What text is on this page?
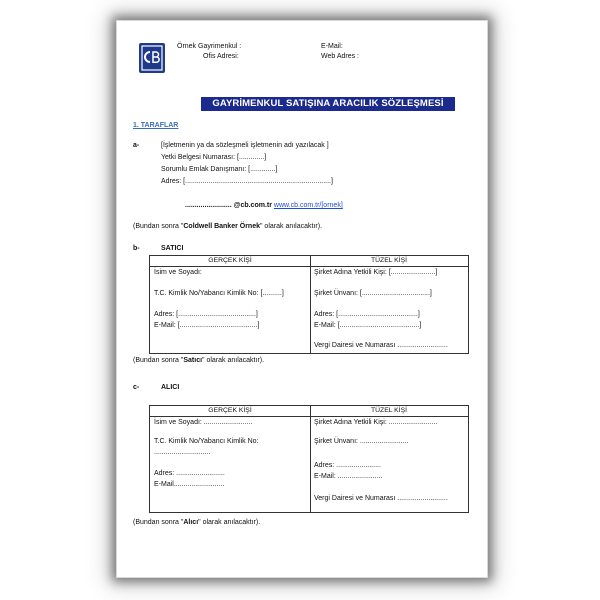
Örnek Gayrimenkul :
Ofis Adresi:
E-Mail:
Web Adres :
GAYRİMENKUL SATIŞINA ARACILIK SÖZLEŞMESİ
1. TARAFLAR
a-	[İşletmenin ya da sözleşmeli işletmenin adı yazılacak ]
Yetki Belgesi Numarası: [.............]
Sorumlu Emlak Danışmanı: [.............]
Adres: [...........................................................................]
........................ @cb.com.tr www.cb.com.tr/[ornek]
(Bundan sonra "Coldwell Banker Örnek" olarak anılacaktır).
b-	SATICI
GERÇEK KİŞİ	TÜZEL KİŞİ
İsim ve Soyadı:
T.C. Kimlik No/Yabancı Kimlik No: [..........]
Adres: [........................................]
E-Mail: [........................................]
Şirket Adına Yetkili Kişi: [.......................]
Şirket Ünvanı: [...................................]
Adres: [.........................................]
E-Mail: [.........................................]
Vergi Dairesi ve Numarası ..........................
(Bundan sonra "Satıcı" olarak anılacaktır).
c-	ALICI
GERÇEK KİŞİ	TÜZEL KİŞİ
İsim ve Soyadı: .........................
T.C. Kimlik No/Yabancı Kimlik No:
.............................
Adres: .........................
E-Mail..........................
Şirket Adına Yetkili Kişi: .........................
Şirket Ünvanı: .........................
Adres: .......................
E-Mail: .......................
Vergi Dairesi ve Numarası ..........................
(Bundan sonra "Alıcı" olarak anılacaktır).
